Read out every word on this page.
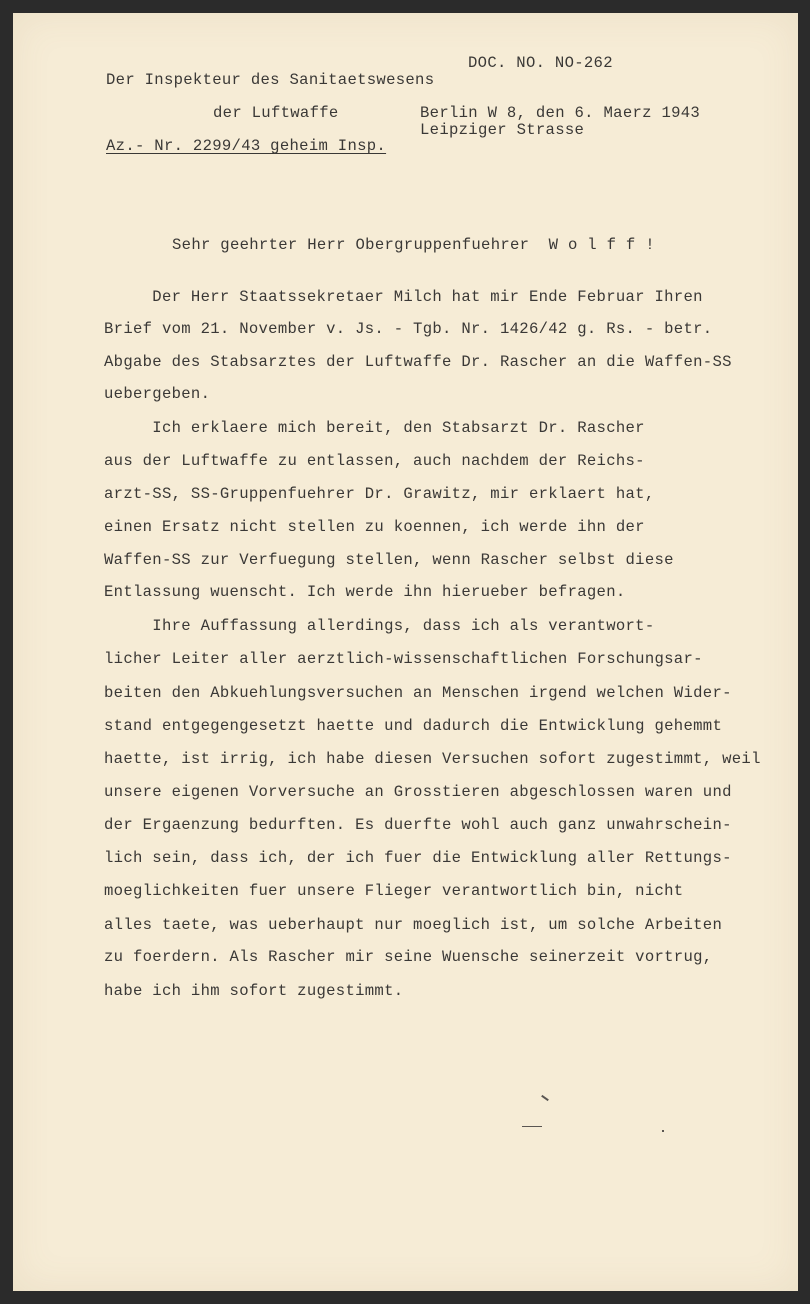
DOC. NO. NO-262
Der Inspekteur des Sanitaetswesens
der Luftwaffe
Az.- Nr. 2299/43 geheim Insp.
Berlin W 8, den 6. Maerz 1943
Leipziger Strasse
Sehr geehrter Herr Obergruppenfuehrer  W o l f f !
Der Herr Staatssekretaer Milch hat mir Ende Februar Ihren
Brief vom 21. November v. Js. - Tgb. Nr. 1426/42 g. Rs. - betr.
Abgabe des Stabsarztes der Luftwaffe Dr. Rascher an die Waffen-SS
uebergeben.
Ich erklaere mich bereit, den Stabsarzt Dr. Rascher
aus der Luftwaffe zu entlassen, auch nachdem der Reichs-
arzt-SS, SS-Gruppenfuehrer Dr. Grawitz, mir erklaert hat,
einen Ersatz nicht stellen zu koennen, ich werde ihn der
Waffen-SS zur Verfuegung stellen, wenn Rascher selbst diese
Entlassung wuenscht. Ich werde ihn hierueber befragen.
Ihre Auffassung allerdings, dass ich als verantwort-
licher Leiter aller aerztlich-wissenschaftlichen Forschungsar-
beiten den Abkuehlungsversuchen an Menschen irgend welchen Wider-
stand entgegengesetzt haette und dadurch die Entwicklung gehemmt
haette, ist irrig, ich habe diesen Versuchen sofort zugestimmt, weil
unsere eigenen Vorversuche an Grosstieren abgeschlossen waren und
der Ergaenzung bedurften. Es duerfte wohl auch ganz unwahrschein-
lich sein, dass ich, der ich fuer die Entwicklung aller Rettungs-
moeglichkeiten fuer unsere Flieger verantwortlich bin, nicht
alles taete, was ueberhaupt nur moeglich ist, um solche Arbeiten
zu foerdern. Als Rascher mir seine Wuensche seinerzeit vortrug,
habe ich ihm sofort zugestimmt.
